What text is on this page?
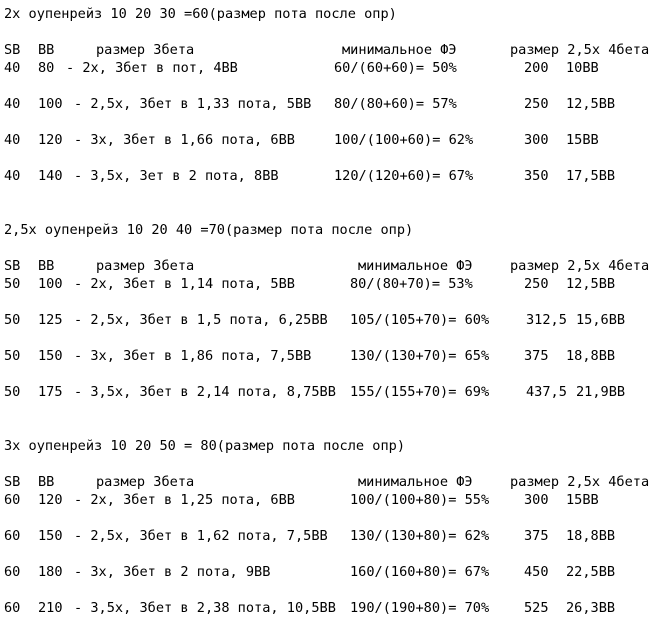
2х оупенрейз 10 20 30 =60(размер пота после опр)
SB BB	размер 3бета	минимальное ФЭ	размер 2,5х 4бета
40 80 - 2х, 3бет в пот, 4BB	60/(60+60)= 50%	200 10BB
40 100 - 2,5х, 3бет в 1,33 пота, 5BB 80/(80+60)= 57%	250 12,5BB
40 120 - 3х, 3бет в 1,66 пота, 6BB	100/(100+60)= 62%	300 15BB
40 140 - 3,5х, 3ет в 2 пота, 8BB	120/(120+60)= 67%	350 17,5BB
2,5х оупенрейз 10 20 40 =70(размер пота после опр)
SB BB	размер 3бета	минимальное ФЭ	размер 2,5х 4бета
50 100 - 2х, 3бет в 1,14 пота, 5BB	80/(80+70)= 53%	250 12,5BB
50 125 - 2,5х, 3бет в 1,5 пота, 6,25BB 105/(105+70)= 60%	312,5 15,6BB
50 150 - 3х, 3бет в 1,86 пота, 7,5BB	130/(130+70)= 65%	375 18,8BB
50 175 - 3,5х, 3бет в 2,14 пота, 8,75BB 155/(155+70)= 69%	437,5 21,9BB
3х оупенрейз 10 20 50 = 80(размер пота после опр)
SB BB	размер 3бета	минимальное ФЭ	размер 2,5х 4бета
60 120 - 2х, 3бет в 1,25 пота, 6BB	100/(100+80)= 55%	300 15BB
60 150 - 2,5х, 3бет в 1,62 пота, 7,5BB 130/(130+80)= 62%	375 18,8BB
60 180 - 3х, 3бет в 2 пота, 9BB	160/(160+80)= 67%	450 22,5BB
60 210 - 3,5х, 3бет в 2,38 пота, 10,5BB 190/(190+80)= 70%	525 26,3BB
